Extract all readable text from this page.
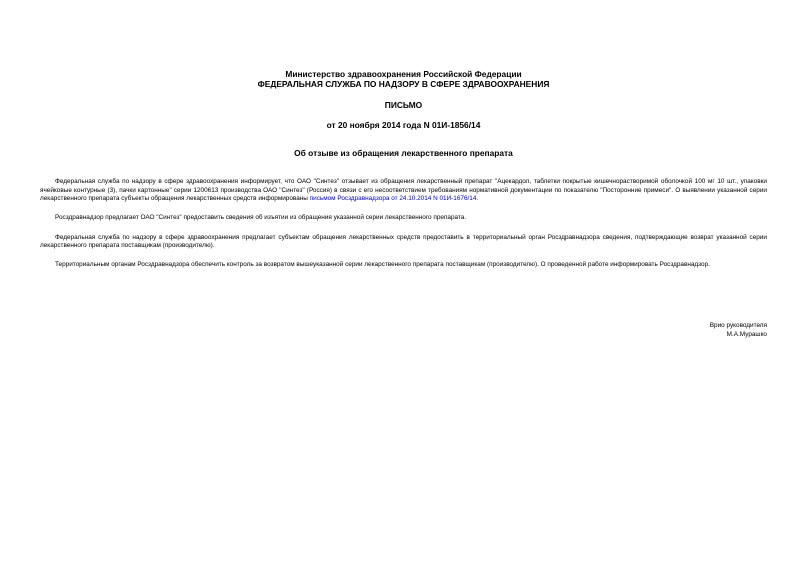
Министерство здравоохранения Российской Федерации
ФЕДЕРАЛЬНАЯ СЛУЖБА ПО НАДЗОРУ В СФЕРЕ ЗДРАВООХРАНЕНИЯ
ПИСЬМО
от 20 ноября 2014 года N 01И-1856/14
Об отзыве из обращения лекарственного препарата

Федеральная служба по надзору в сфере здравоохранения информирует, что ОАО "Синтез" отзывает из обращения лекарственный препарат "Ацекардол, таблетки покрытые кишечнорастворимой оболочкой 100 мг 10 шт., упаковки ячейковые контурные (3), пачки картонные" серии 1200613 производства ОАО "Синтез" (Россия) в связи с его несоответствием требованиям нормативной документации по показателю "Посторонние примеси". О выявлении указанной серии лекарственного препарата субъекты обращения лекарственных средств информированы письмом Росздравнадзора от 24.10.2014 N 01И-1676/14.

Росздравнадзор предлагает ОАО "Синтез" предоставить сведения об изъятии из обращения указанной серии лекарственного препарата.

Федеральная служба по надзору в сфере здравоохранения предлагает субъектам обращения лекарственных средств предоставить в территориальный орган Росздравнадзора сведения, подтверждающие возврат указанной серии лекарственного препарата поставщикам (производителю).

Территориальным органам Росздравнадзора обеспечить контроль за возвратом вышеуказанной серии лекарственного препарата поставщикам (производителю). О проведенной работе информировать Росздравнадзор.

Врио руководителя
М.А.Мурашко
